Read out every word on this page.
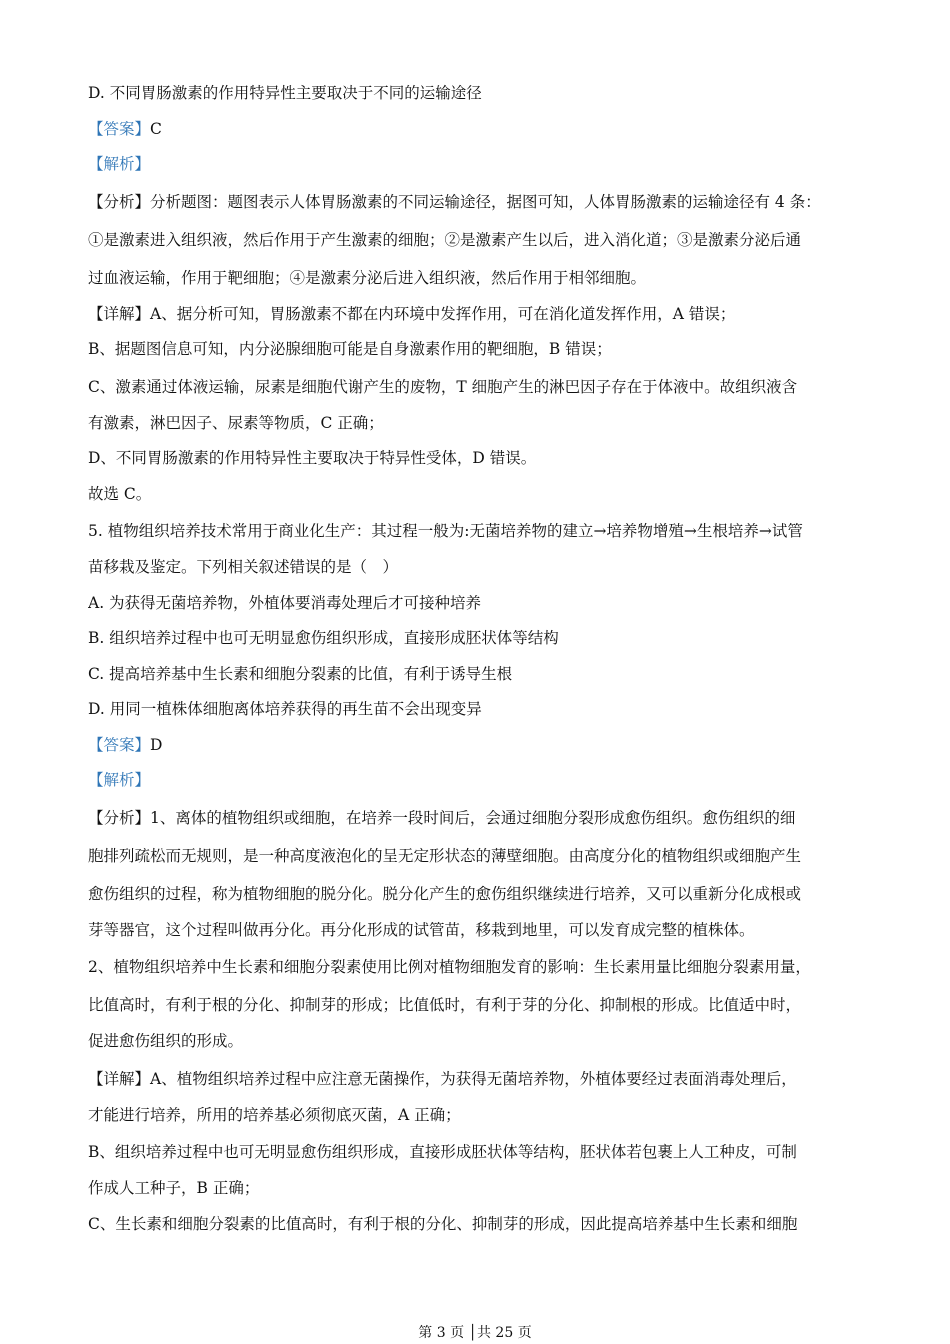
D. 不同胃肠激素的作用特异性主要取决于不同的运输途径
【答案】C
【解析】
【分析】分析题图：题图表示人体胃肠激素的不同运输途径，据图可知，人体胃肠激素的运输途径有 4 条：
①是激素进入组织液，然后作用于产生激素的细胞；②是激素产生以后，进入消化道；③是激素分泌后通
过血液运输，作用于靶细胞；④是激素分泌后进入组织液，然后作用于相邻细胞。
【详解】A、据分析可知，胃肠激素不都在内环境中发挥作用，可在消化道发挥作用，A 错误；
B、据题图信息可知，内分泌腺细胞可能是自身激素作用的靶细胞，B 错误；
C、激素通过体液运输，尿素是细胞代谢产生的废物，T 细胞产生的淋巴因子存在于体液中。故组织液含
有激素，淋巴因子、尿素等物质，C 正确；
D、不同胃肠激素的作用特异性主要取决于特异性受体，D 错误。
故选 C。
5. 植物组织培养技术常用于商业化生产：其过程一般为:无菌培养物的建立→培养物增殖→生根培养→试管
苗移栽及鉴定。下列相关叙述错误的是（　）
A. 为获得无菌培养物，外植体要消毒处理后才可接种培养
B. 组织培养过程中也可无明显愈伤组织形成，直接形成胚状体等结构
C. 提高培养基中生长素和细胞分裂素的比值，有利于诱导生根
D. 用同一植株体细胞离体培养获得的再生苗不会出现变异
【答案】D
【解析】
【分析】1、离体的植物组织或细胞，在培养一段时间后，会通过细胞分裂形成愈伤组织。愈伤组织的细
胞排列疏松而无规则，是一种高度液泡化的呈无定形状态的薄壁细胞。由高度分化的植物组织或细胞产生
愈伤组织的过程，称为植物细胞的脱分化。脱分化产生的愈伤组织继续进行培养，又可以重新分化成根或
芽等器官，这个过程叫做再分化。再分化形成的试管苗，移栽到地里，可以发育成完整的植株体。
2、植物组织培养中生长素和细胞分裂素使用比例对植物细胞发育的影响：生长素用量比细胞分裂素用量，
比值高时，有利于根的分化、抑制芽的形成；比值低时，有利于芽的分化、抑制根的形成。比值适中时，
促进愈伤组织的形成。
【详解】A、植物组织培养过程中应注意无菌操作，为获得无菌培养物，外植体要经过表面消毒处理后，
才能进行培养，所用的培养基必须彻底灭菌，A 正确；
B、组织培养过程中也可无明显愈伤组织形成，直接形成胚状体等结构，胚状体若包裹上人工种皮，可制
作成人工种子，B 正确；
C、生长素和细胞分裂素的比值高时，有利于根的分化、抑制芽的形成，因此提高培养基中生长素和细胞
第 3 页 │共 25 页
